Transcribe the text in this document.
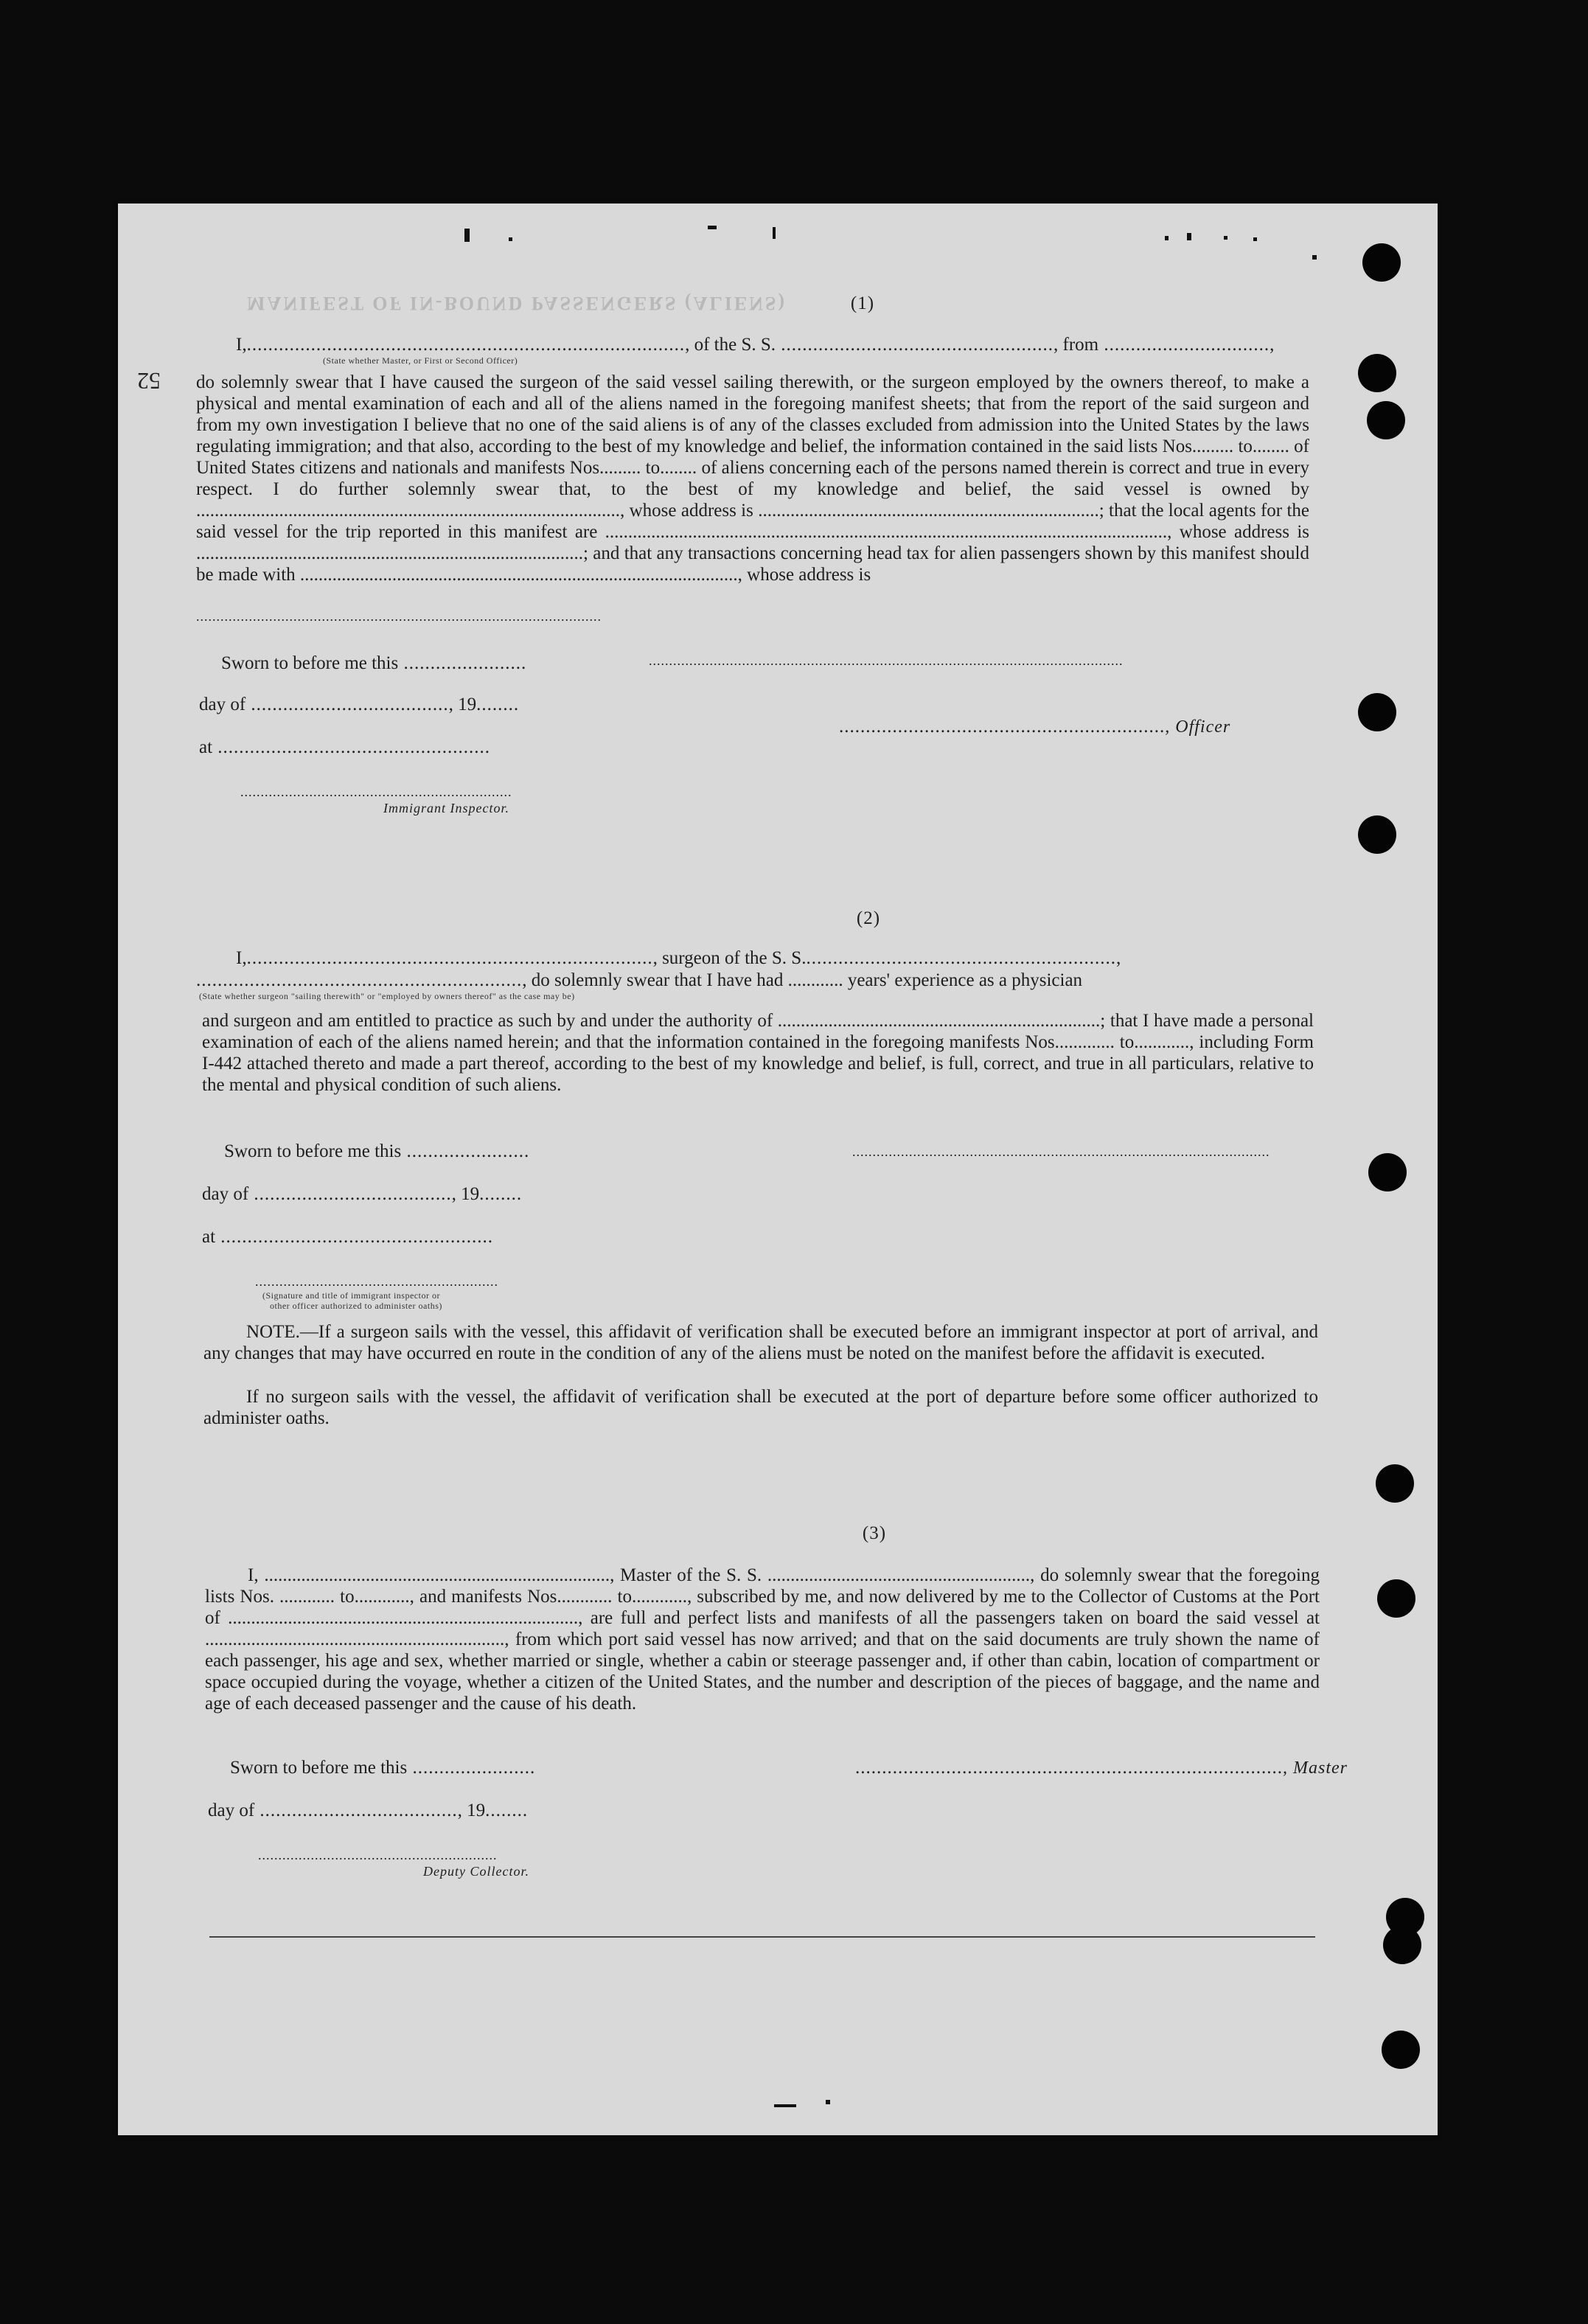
52
MANIFEST OF IN-BOUND PASSENGERS (ALIENS)	(1)
I,.................................................................................., of the S. S. ..................................................., from ...............................,
(State whether Master, or First or Second Officer)
do solemnly swear that I have caused the surgeon of the said vessel sailing therewith, or the surgeon employed by the owners thereof, to make a physical and mental examination of each and all of the aliens named in the foregoing manifest sheets; that from the report of the said surgeon and from my own investigation I believe that no one of the said aliens is of any of the classes excluded from admission into the United States by the laws regulating immigration; and that also, according to the best of my knowledge and belief, the information contained in the said lists Nos......... to........ of United States citizens and nationals and manifests Nos......... to........ of aliens concerning each of the persons named therein is correct and true in every respect. I do further solemnly swear that, to the best of my knowledge and belief, the said vessel is owned by ............................................................................................, whose address is ..........................................................................; that the local agents for the said vessel for the trip reported in this manifest are .........................................................................................................................., whose address is ....................................................................................; and that any transactions concerning head tax for alien passengers shown by this manifest should be made with ..............................................................................................., whose address is
....................................................................................................
Sworn to before me this .......................	.....................................................................................................................
day of ....................................., 19........
............................................................., Officer
at ...................................................
...................................................................
Immigrant Inspector.
(2)
I,............................................................................, surgeon of the S. S...........................................................,
............................................................., do solemnly swear that I have had ............ years' experience as a physician
(State whether surgeon "sailing therewith" or "employed by owners thereof" as the case may be)
and surgeon and am entitled to practice as such by and under the authority of ......................................................................; that I have made a personal examination of each of the aliens named herein; and that the information contained in the foregoing manifests Nos............. to............, including Form I-442 attached thereto and made a part thereof, according to the best of my knowledge and belief, is full, correct, and true in all particulars, relative to the mental and physical condition of such aliens.
Sworn to before me this .......................	.......................................................................................................
day of ....................................., 19........
at ...................................................
............................................................
(Signature and title of immigrant inspector or
other officer authorized to administer oaths)
NOTE.—If a surgeon sails with the vessel, this affidavit of verification shall be executed before an immigrant inspector at port of arrival, and any changes that may have occurred en route in the condition of any of the aliens must be noted on the manifest before the affidavit is executed.
If no surgeon sails with the vessel, the affidavit of verification shall be executed at the port of departure before some officer authorized to administer oaths.
(3)
I, ..........................................................................., Master of the S. S. ........................................................., do solemnly swear that the foregoing lists Nos. ............ to............, and manifests Nos............ to............, subscribed by me, and now delivered by me to the Collector of Customs at the Port of ............................................................................, are full and perfect lists and manifests of all the passengers taken on board the said vessel at ................................................................., from which port said vessel has now arrived; and that on the said documents are truly shown the name of each passenger, his age and sex, whether married or single, whether a cabin or steerage passenger and, if other than cabin, location of compartment or space occupied during the voyage, whether a citizen of the United States, and the number and description of the pieces of baggage, and the name and age of each deceased passenger and the cause of his death.
Sworn to before me this .......................	................................................................................, Master
day of ....................................., 19........
...........................................................
Deputy Collector.
